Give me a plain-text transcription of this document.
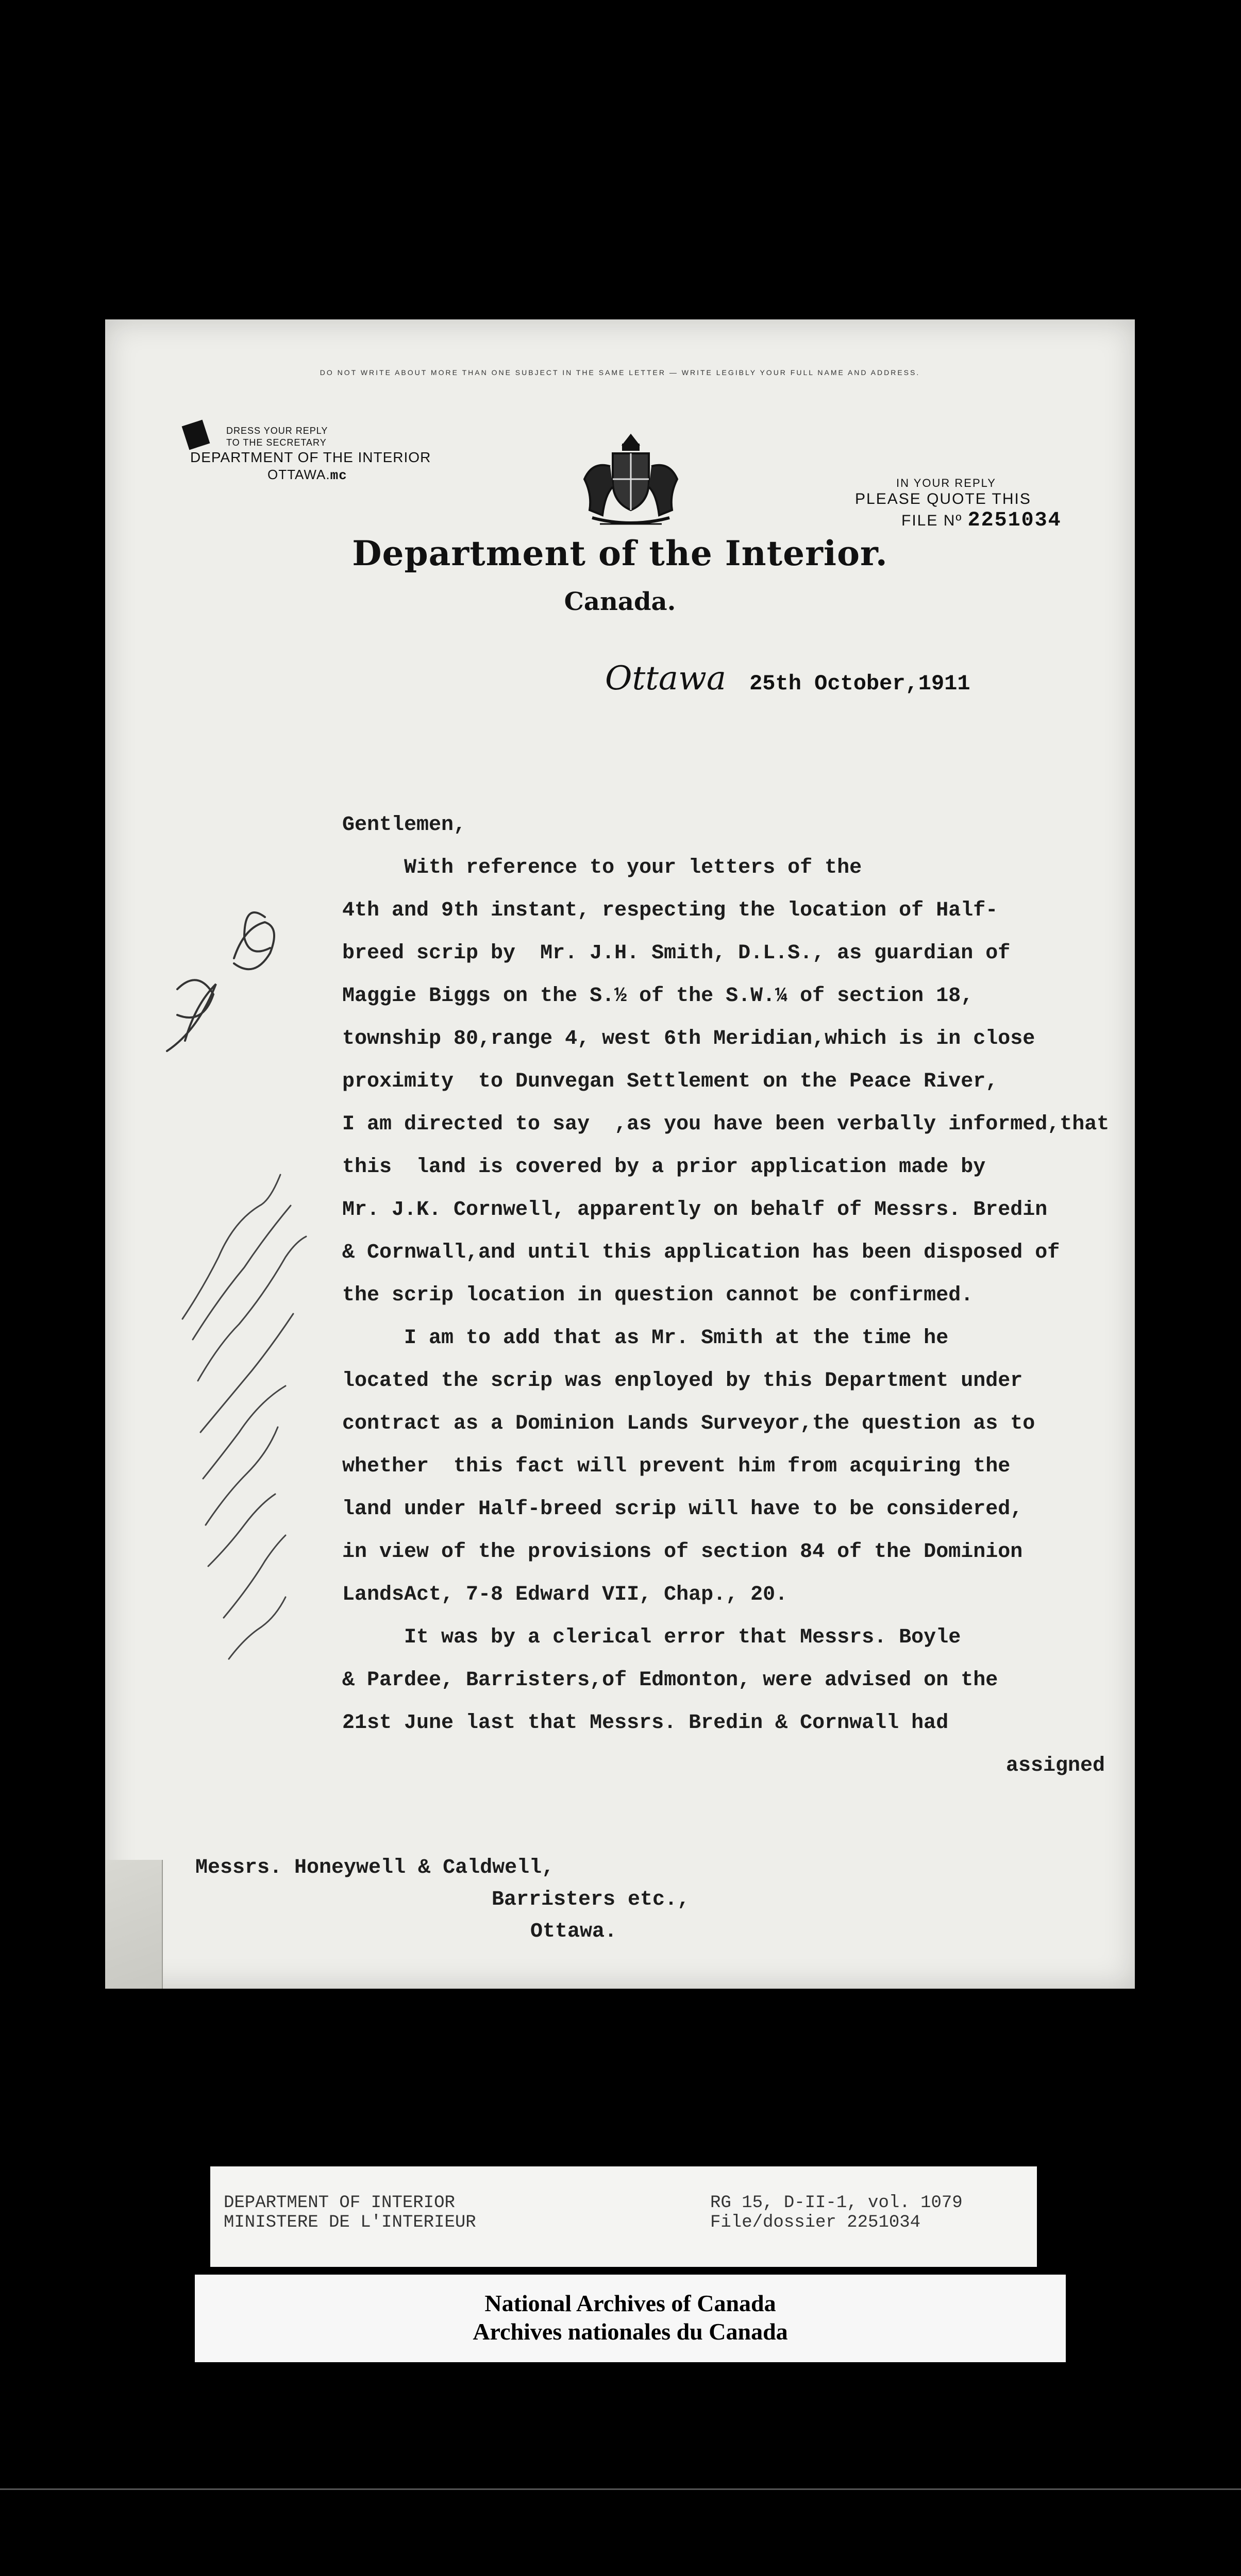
DO NOT WRITE ABOUT MORE THAN ONE SUBJECT IN THE SAME LETTER — WRITE LEGIBLY YOUR FULL NAME AND ADDRESS.
DRESS YOUR REPLY
TO THE SECRETARY
DEPARTMENT OF THE INTERIOR
OTTAWA.mc	IN YOUR REPLY
PLEASE QUOTE THIS
FILE Nº 2251034
Department of the Interior.
Canada.
Ottawa 25th October,1911

Gentlemen,

With reference to your letters of the

4th and 9th instant, respecting the location of Half-

breed scrip by  Mr. J.H. Smith, D.L.S., as guardian of

Maggie Biggs on the S.½ of the S.W.¼ of section 18,

township 80,range 4, west 6th Meridian,which is in close

proximity  to Dunvegan Settlement on the Peace River,

I am directed to say  ,as you have been verbally informed,that

this  land is covered by a prior application made by

Mr. J.K. Cornwell, apparently on behalf of Messrs. Bredin

& Cornwall,and until this application has been disposed of

the scrip location in question cannot be confirmed.

I am to add that as Mr. Smith at the time he

located the scrip was enployed by this Department under

contract as a Dominion Lands Surveyor,the question as to

whether  this fact will prevent him from acquiring the

land under Half-breed scrip will have to be considered,

in view of the provisions of section 84 of the Dominion

LandsAct, 7-8 Edward VII, Chap., 20.

It was by a clerical error that Messrs. Boyle

& Pardee, Barristers,of Edmonton, were advised on the

21st June last that Messrs. Bredin & Cornwall had

assigned

Messrs. Honeywell & Caldwell,
Barristers etc.,
Ottawa.
DEPARTMENT OF INTERIOR
MINISTERE DE L'INTERIEUR
RG 15, D-II-1, vol. 1079
File/dossier 2251034
National Archives of Canada
Archives nationales du Canada
